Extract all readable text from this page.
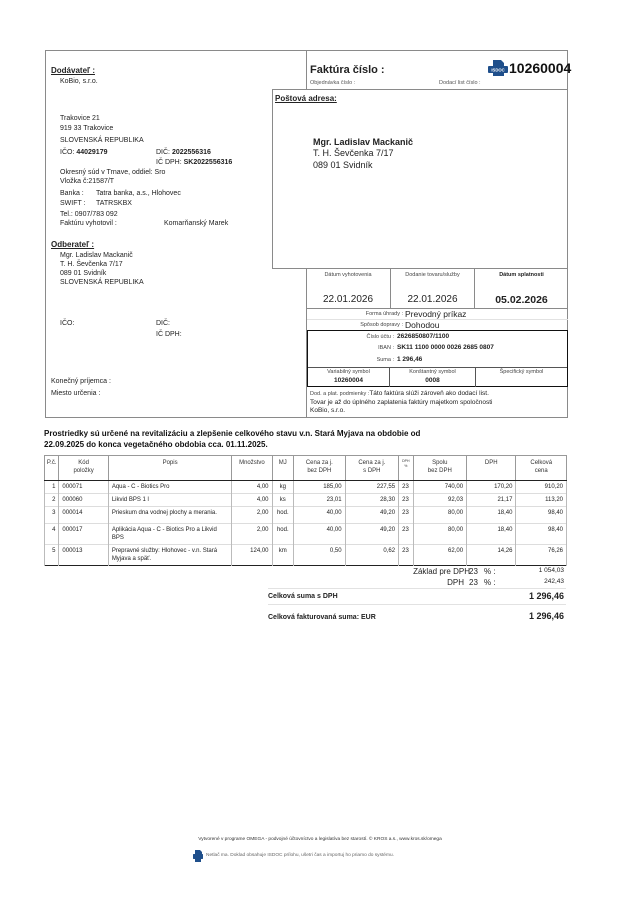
Faktúra číslo :	ISDOC 10260004
Objednávka číslo :	Dodací list číslo :
Dodávateľ :
KoBio, s.r.o.
Trakovice 21
919 33 Trakovice
SLOVENSKÁ REPUBLIKA
IČO: 44029179	DIČ: 2022556316
IČ DPH: SK2022556316
Okresný súd v Trnave, oddiel: Sro
Vložka č:21587/T
Banka : Tatra banka, a.s., Hlohovec
SWIFT : TATRSKBX
Tel.: 0907/783 092
Faktúru vyhotovil :	Komarňanský Marek
Poštová adresa:
Mgr. Ladislav Mackanič
T. H. Ševčenka 7/17
089 01 Svidník
Odberateľ :
Mgr. Ladislav Mackanič
T. H. Ševčenka 7/17
089 01 Svidník
SLOVENSKÁ REPUBLIKA
IČO:	DIČ:
IČ DPH:
Konečný príjemca :
Miesto určenia :
Dátum vyhotovenia
22.01.2026
Dodanie tovaru/služby
22.01.2026
Dátum splatnosti
05.02.2026
Forma úhrady : Prevodný príkaz
Spôsob dopravy : Dohodou
Číslo účtu : 2626850807/1100
IBAN : SK11 1100 0000 0026 2685 0807
Suma : 1 296,46
Variabilný symbol
10260004
Konštantný symbol
0008
Špecifický symbol
Dod. a plat. podmienky :Táto faktúra slúži zároveň ako dodací list.
Tovar je až do úplného zaplatenia faktúry majetkom spoločnosti
KoBio, s.r.o.
Prostriedky sú určené na revitalizáciu a zlepšenie celkového stavu v.n. Stará Myjava na obdobie od
22.09.2025 do konca vegetačného obdobia cca. 01.11.2025.
P.č.	Kód
položky	Popis	Množstvo	MJ	Cena za j.
bez DPH	Cena za j.
s DPH	DPH
%	Spolu
bez DPH	DPH	Celková
cena
1	000071	Aqua - C - Biotics Pro	4,00	kg	185,00	227,55	23	740,00	170,20	910,20
2	000060	Likvid BPS 1 l	4,00	ks	23,01	28,30	23	92,03	21,17	113,20
3	000014	Prieskum dna vodnej plochy a merania.	2,00	hod.	40,00	49,20	23	80,00	18,40	98,40
4	000017	Aplikácia Aqua - C - Biotics Pro a Likvid BPS	2,00	hod.	40,00	49,20	23	80,00	18,40	98,40
5	000013	Prepravné služby: Hlohovec - v.n. Stará Myjava a späť.	124,00	km	0,50	0,62	23	62,00	14,26	76,26
Základ pre DPH 23 % :	1 054,03
DPH 23 % :	242,43
Celková suma s DPH	1 296,46
Celková fakturovaná suma: EUR	1 296,46
Vytvorené v programe OMEGA - podvojné účtovníctvo a legislatíva bez starostí. © KROS a.s., www.kros.sk/omega
Netlač ma. Doklad obsahuje ISDOC prílohu, ušetri čas a importuj ho priamo do systému.
